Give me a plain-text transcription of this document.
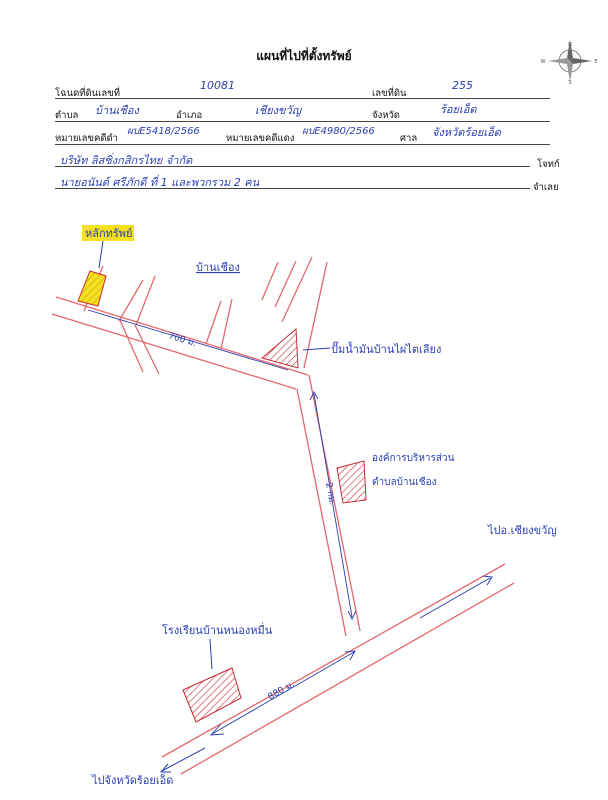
แผนที่ไปที่ตั้งทรัพย์
N
E
S
W
โฉนดที่ดินเลขที่
10081
เลขที่ดิน
255
ตำบล บ้านเชือง	อำเภอ	เชียงขวัญ	จังหวัด	ร้อยเอ็ด
หมายเลขคดีดำ
ผบE5418/2566
หมายเลขคดีแดง
ผบE4980/2566
ศาล จังหวัดร้อยเอ็ด
บริษัท ลิสซิ่งกสิกรไทย จำกัด	โจทก์
นายอนันต์ ศรีภักดี ที่ 1 และพวกรวม 2 คน	จำเลย
หลักทรัพย์
บ้านเชือง
700 ม.
ปั๊มน้ำมันบ้านไผ่ไตเลียง
2 กม.
องค์การบริหารส่วน
ตำบลบ้านเชือง
ไปอ.เชียงขวัญ
โรงเรียนบ้านหนองหมื่น
880 ม.
ไปจังหวัดร้อยเอ็ด
